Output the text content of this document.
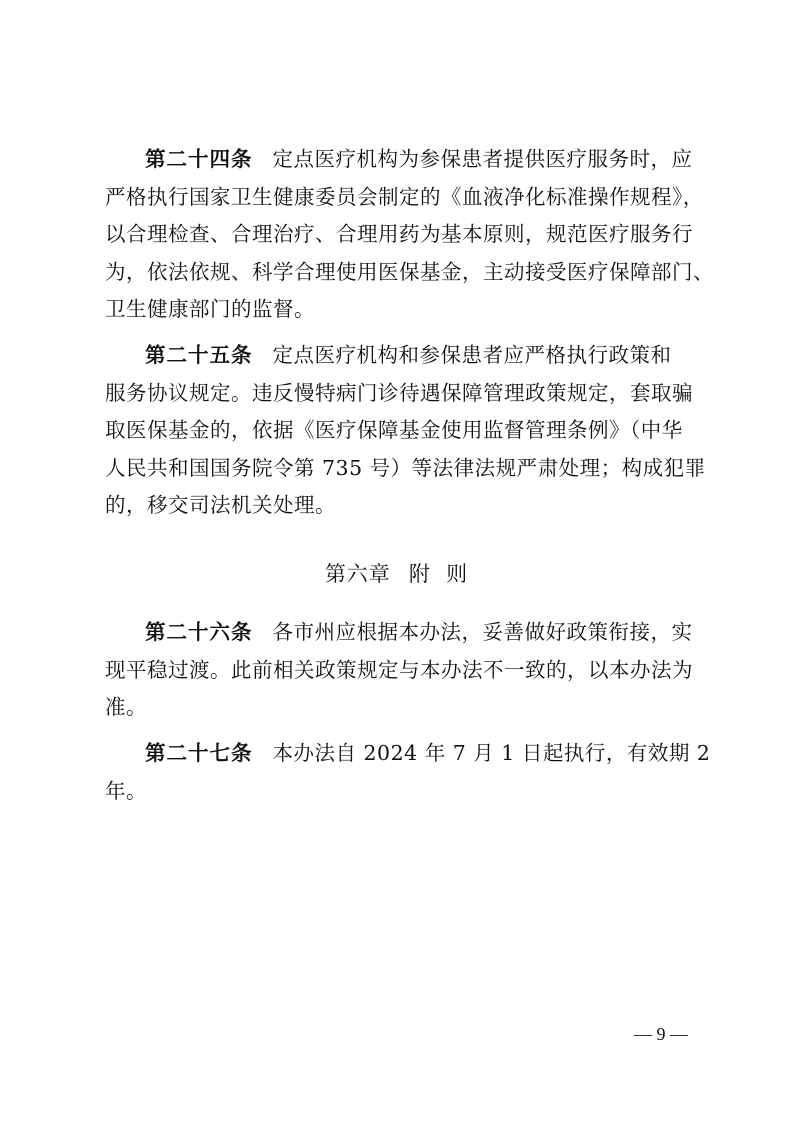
第二十四条 定点医疗机构为参保患者提供医疗服务时，应
严格执行国家卫生健康委员会制定的《血液净化标准操作规程》，
以合理检查、合理治疗、合理用药为基本原则，规范医疗服务行
为，依法依规、科学合理使用医保基金，主动接受医疗保障部门、
卫生健康部门的监督。
第二十五条 定点医疗机构和参保患者应严格执行政策和
服务协议规定。违反慢特病门诊待遇保障管理政策规定，套取骗
取医保基金的，依据《医疗保障基金使用监督管理条例》（中华
人民共和国国务院令第 735 号）等法律法规严肃处理；构成犯罪
的，移交司法机关处理。
第六章 附  则
第二十六条 各市州应根据本办法，妥善做好政策衔接，实
现平稳过渡。此前相关政策规定与本办法不一致的，以本办法为
准。
第二十七条 本办法自 2024 年 7 月 1 日起执行，有效期 2
年。
— 9 —
